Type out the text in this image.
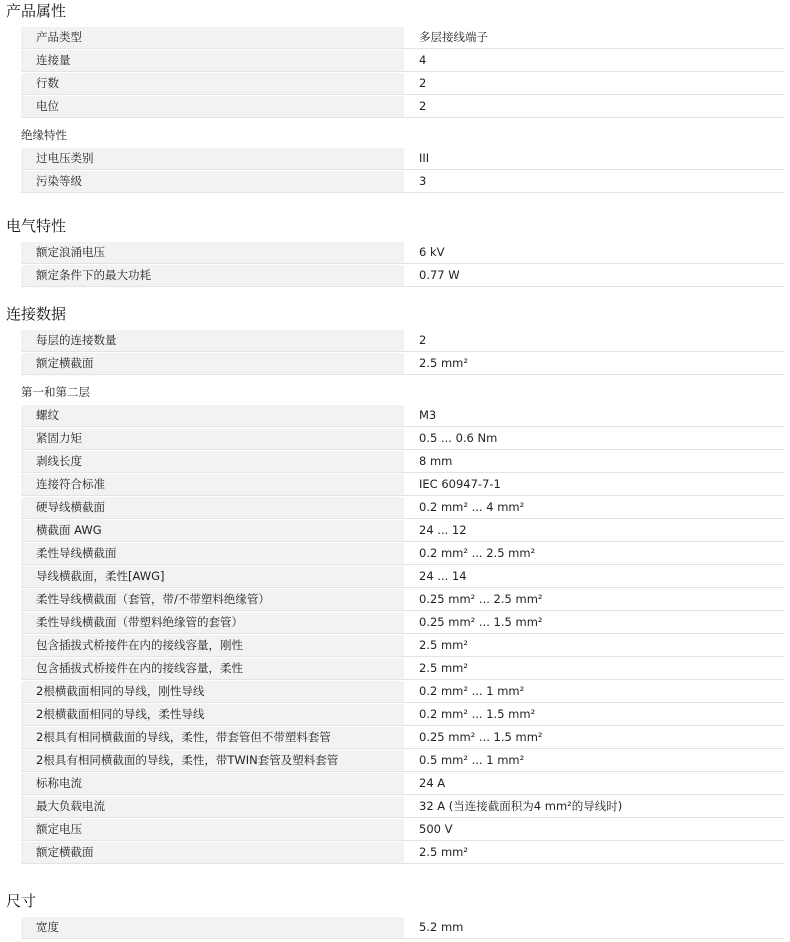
产品属性
产品类型	多层接线端子
连接量	4
行数	2
电位	2
绝缘特性
过电压类别	III
污染等级	3
电气特性
额定浪涌电压	6 kV
额定条件下的最大功耗	0.77 W
连接数据
每层的连接数量	2
额定横截面	2.5 mm²
第一和第二层
螺纹	M3
紧固力矩	0.5 ... 0.6 Nm
剥线长度	8 mm
连接符合标准	IEC 60947-7-1
硬导线横截面	0.2 mm² ... 4 mm²
横截面 AWG	24 ... 12
柔性导线横截面	0.2 mm² ... 2.5 mm²
导线横截面，柔性[AWG]	24 ... 14
柔性导线横截面（套管，带/不带塑料绝缘管）	0.25 mm² ... 2.5 mm²
柔性导线横截面（带塑料绝缘管的套管）	0.25 mm² ... 1.5 mm²
包含插拔式桥接件在内的接线容量，刚性	2.5 mm²
包含插拔式桥接件在内的接线容量，柔性	2.5 mm²
2根横截面相同的导线，刚性导线	0.2 mm² ... 1 mm²
2根横截面相同的导线，柔性导线	0.2 mm² ... 1.5 mm²
2根具有相同横截面的导线，柔性，带套管但不带塑料套管	0.25 mm² ... 1.5 mm²
2根具有相同横截面的导线，柔性，带TWIN套管及塑料套管	0.5 mm² ... 1 mm²
标称电流	24 A
最大负载电流	32 A (当连接截面积为4 mm²的导线时)
额定电压	500 V
额定横截面	2.5 mm²
尺寸
宽度	5.2 mm
